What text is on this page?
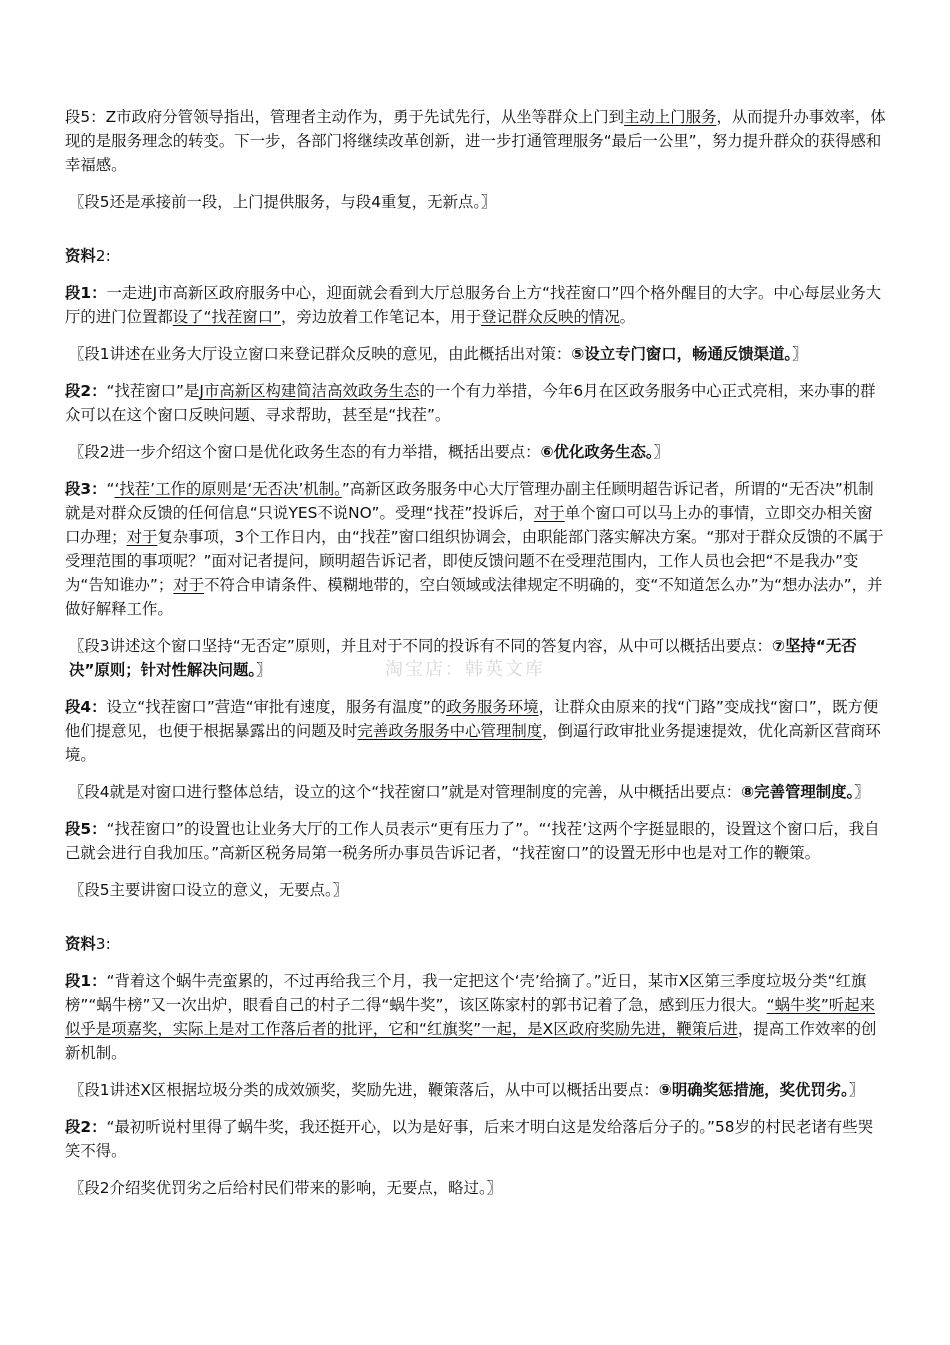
淘宝店：韩英文库

段5：Z市政府分管领导指出，管理者主动作为，勇于先试先行，从坐等群众上门到主动上门服务，从而提升办事效率，体现的是服务理念的转变。下一步，各部门将继续改革创新，进一步打通管理服务“最后一公里”，努力提升群众的获得感和幸福感。

〖段5还是承接前一段，上门提供服务，与段4重复，无新点。〗

资料2:

段1：一走进J市高新区政府服务中心，迎面就会看到大厅总服务台上方“找茬窗口”四个格外醒目的大字。中心每层业务大厅的进门位置都设了“找茬窗口”，旁边放着工作笔记本，用于登记群众反映的情况。

〖段1讲述在业务大厅设立窗口来登记群众反映的意见，由此概括出对策：⑤设立专门窗口，畅通反馈渠道。〗

段2：“找茬窗口”是J市高新区构建简洁高效政务生态的一个有力举措，今年6月在区政务服务中心正式亮相，来办事的群众可以在这个窗口反映问题、寻求帮助，甚至是“找茬”。

〖段2进一步介绍这个窗口是优化政务生态的有力举措，概括出要点：⑥优化政务生态。〗

段3：“‘找茬’工作的原则是‘无否决’机制。”高新区政务服务中心大厅管理办副主任顾明超告诉记者，所谓的“无否决”机制就是对群众反馈的任何信息“只说YES不说NO”。受理“找茬”投诉后，对于单个窗口可以马上办的事情，立即交办相关窗口办理；对于复杂事项，3个工作日内，由“找茬”窗口组织协调会，由职能部门落实解决方案。“那对于群众反馈的不属于受理范围的事项呢？”面对记者提问，顾明超告诉记者，即使反馈问题不在受理范围内，工作人员也会把“不是我办”变为“告知谁办”；对于不符合申请条件、模糊地带的，空白领域或法律规定不明确的，变“不知道怎么办”为“想办法办”，并做好解释工作。

〖段3讲述这个窗口坚持“无否定”原则，并且对于不同的投诉有不同的答复内容，从中可以概括出要点：⑦坚持“无否决”原则；针对性解决问题。〗

段4：设立“找茬窗口”营造“审批有速度，服务有温度”的政务服务环境，让群众由原来的找“门路”变成找“窗口”，既方便他们提意见，也便于根据暴露出的问题及时完善政务服务中心管理制度，倒逼行政审批业务提速提效，优化高新区营商环境。

〖段4就是对窗口进行整体总结，设立的这个“找茬窗口”就是对管理制度的完善，从中概括出要点：⑧完善管理制度。〗

段5：“找茬窗口”的设置也让业务大厅的工作人员表示“更有压力了”。“‘找茬’这两个字挺显眼的，设置这个窗口后，我自己就会进行自我加压。”高新区税务局第一税务所办事员告诉记者，“找茬窗口”的设置无形中也是对工作的鞭策。

〖段5主要讲窗口设立的意义，无要点。〗

资料3:

段1：“背着这个蜗牛壳蛮累的，不过再给我三个月，我一定把这个‘壳’给摘了。”近日，某市X区第三季度垃圾分类“红旗榜”“蜗牛榜”又一次出炉，眼看自己的村子二得“蜗牛奖”，该区陈家村的郭书记着了急，感到压力很大。“蜗牛奖”听起来似乎是项嘉奖，实际上是对工作落后者的批评，它和“红旗奖”一起，是X区政府奖励先进，鞭策后进，提高工作效率的创新机制。

〖段1讲述X区根据垃圾分类的成效颁奖，奖励先进，鞭策落后，从中可以概括出要点：⑨明确奖惩措施，奖优罚劣。〗

段2：“最初听说村里得了蜗牛奖，我还挺开心，以为是好事，后来才明白这是发给落后分子的。”58岁的村民老诸有些哭笑不得。

〖段2介绍奖优罚劣之后给村民们带来的影响，无要点，略过。〗
